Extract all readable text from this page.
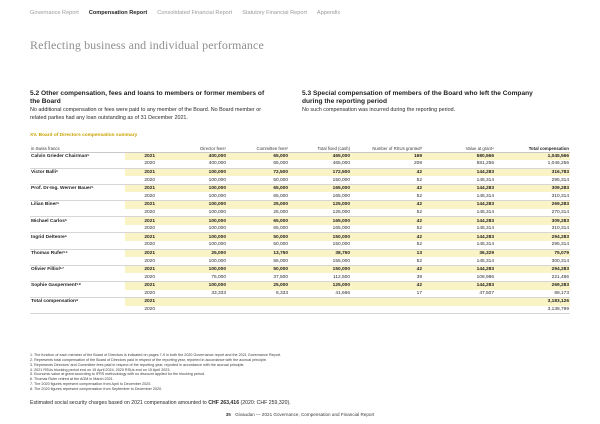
Governance Report Compensation Report Consolidated Financial Report Statutory Financial Report Appendix
Reflecting business and individual performance
5.2 Other compensation, fees and loans to members or former members of the Board

No additional compensation or fees were paid to any member of the Board. No Board member or related parties had any loan outstanding as of 31 December 2021.

5.3 Special compensation of members of the Board who left the Company during the reporting period

No such compensation was incurred during the reporting period.

XV. Board of Directors compensation summary
in Swiss francs		Director fees¹	Committee fees²	Total fixed (cash)	Number of RSUs granted³	Value at grant⁴	Total compensation
Calvin Grieder Chairman⁵	2021	400,000	65,000	465,000	169	580,566	1,045,566
	2020	400,000	65,000	465,000	208	581,256	1,046,256
Victor Balli⁵	2021	100,000	72,500	172,500	42	144,283	316,783
	2020	100,000	50,000	150,000	52	145,314	295,314
Prof. Dr-Ing. Werner Bauer⁵	2021	100,000	65,000	165,000	42	144,283	309,283
	2020	100,000	65,000	165,000	52	145,314	310,314
Lilian Biner⁵	2021	100,000	25,000	125,000	42	144,283	269,283
	2020	100,000	25,000	125,000	52	145,314	270,314
Michael Carlos⁵	2021	100,000	65,000	165,000	42	144,283	309,283
	2020	100,000	65,000	165,000	52	145,314	310,314
Ingrid Deltenre⁵	2021	100,000	50,000	150,000	42	144,283	294,283
	2020	100,000	50,000	150,000	52	145,314	295,314
Thomas Rufer⁵⁶	2021	25,000	13,750	38,750	13	36,329	75,079
	2020	100,000	55,000	155,000	52	145,314	300,314
Olivier Filliol⁵⁷	2021	100,000	50,000	150,000	42	144,283	294,283
	2020	75,000	37,500	112,500	39	108,986	221,486
Sophie Gasperment⁵⁸	2021	100,000	25,000	125,000	42	144,283	269,283
	2020	33,333	8,333	41,666	17	47,507	89,173
Total compensation⁹	2021						3,183,126
	2020						3,138,799
1. The function of each member of the Board of Directors is indicated on pages 7-9 in both the 2020 Governance report and the 2021 Governance Report.
2. Represents total compensation of the Board of Directors paid in respect of the reporting year, reported in accordance with the accrual principle.
3. Represents Directors' and Committee fees paid in respect of the reporting year, reported in accordance with the accrual principle.
4. 2021 RSUs blocking period end on 15 April 2024, 2020 RSUs end on 15 April 2023.
5. Economic value at grant according to IFRS methodology with no discount applied for the blocking period.
6. Thomas Rufer retired at the AGM in March 2021.
7. The 2020 figures represent compensation from April to December 2020.
8. The 2020 figures represent compensation from September to December 2020.
Estimated social security charges based on 2021 compensation amounted to CHF 263,416 (2020: CHF 259,320).
35 Givaudan — 2021 Governance, Compensation and Financial Report
